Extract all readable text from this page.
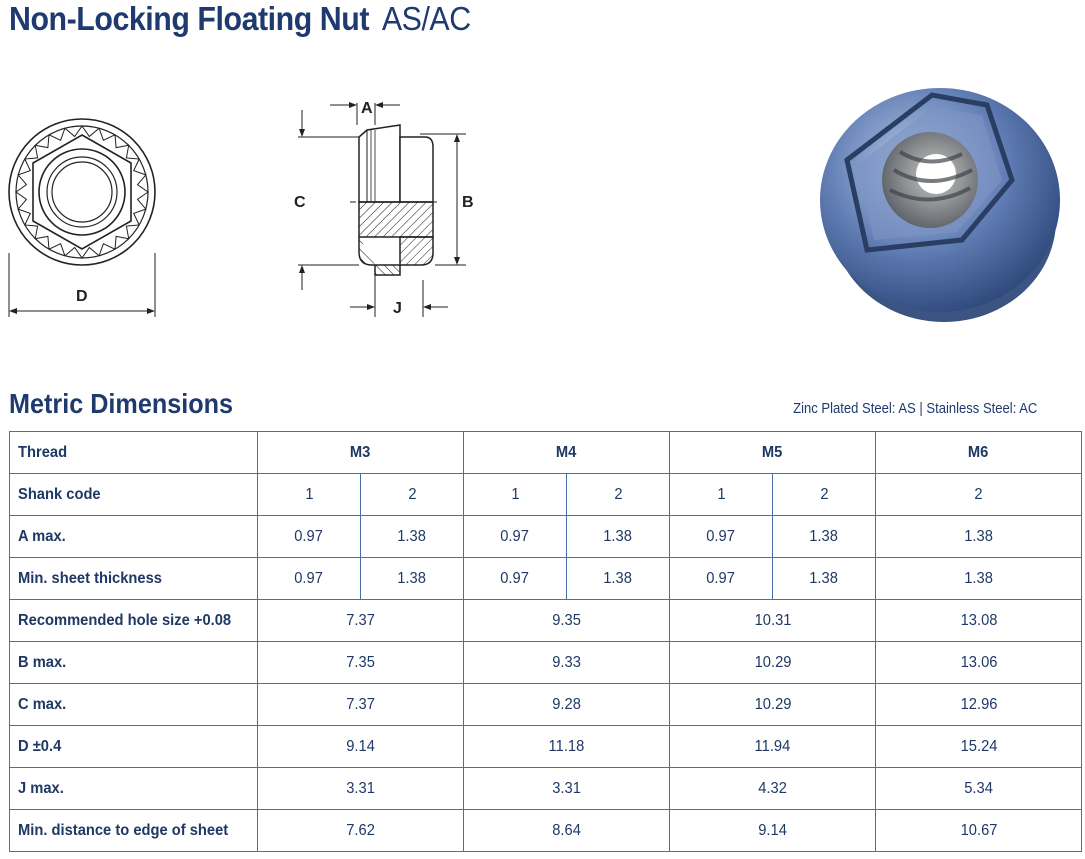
Non-Locking Floating Nut AS/AC
D
A
C	B
J
Metric Dimensions	Zinc Plated Steel: AS | Stainless Steel: AC
Thread	M3		M4		M5		M6
Shank code	1	2	1	2	1	2	2
A max.	0.97	1.38	0.97	1.38	0.97	1.38	1.38
Min. sheet thickness	0.97	1.38	0.97	1.38	0.97	1.38	1.38
Recommended hole size +0.08	7.37		9.35		10.31		13.08
B max.	7.35		9.33		10.29		13.06
C max.	7.37		9.28		10.29		12.96
D ±0.4	9.14		11.18		11.94		15.24
J max.	3.31		3.31		4.32		5.34
Min. distance to edge of sheet	7.62		8.64		9.14		10.67
